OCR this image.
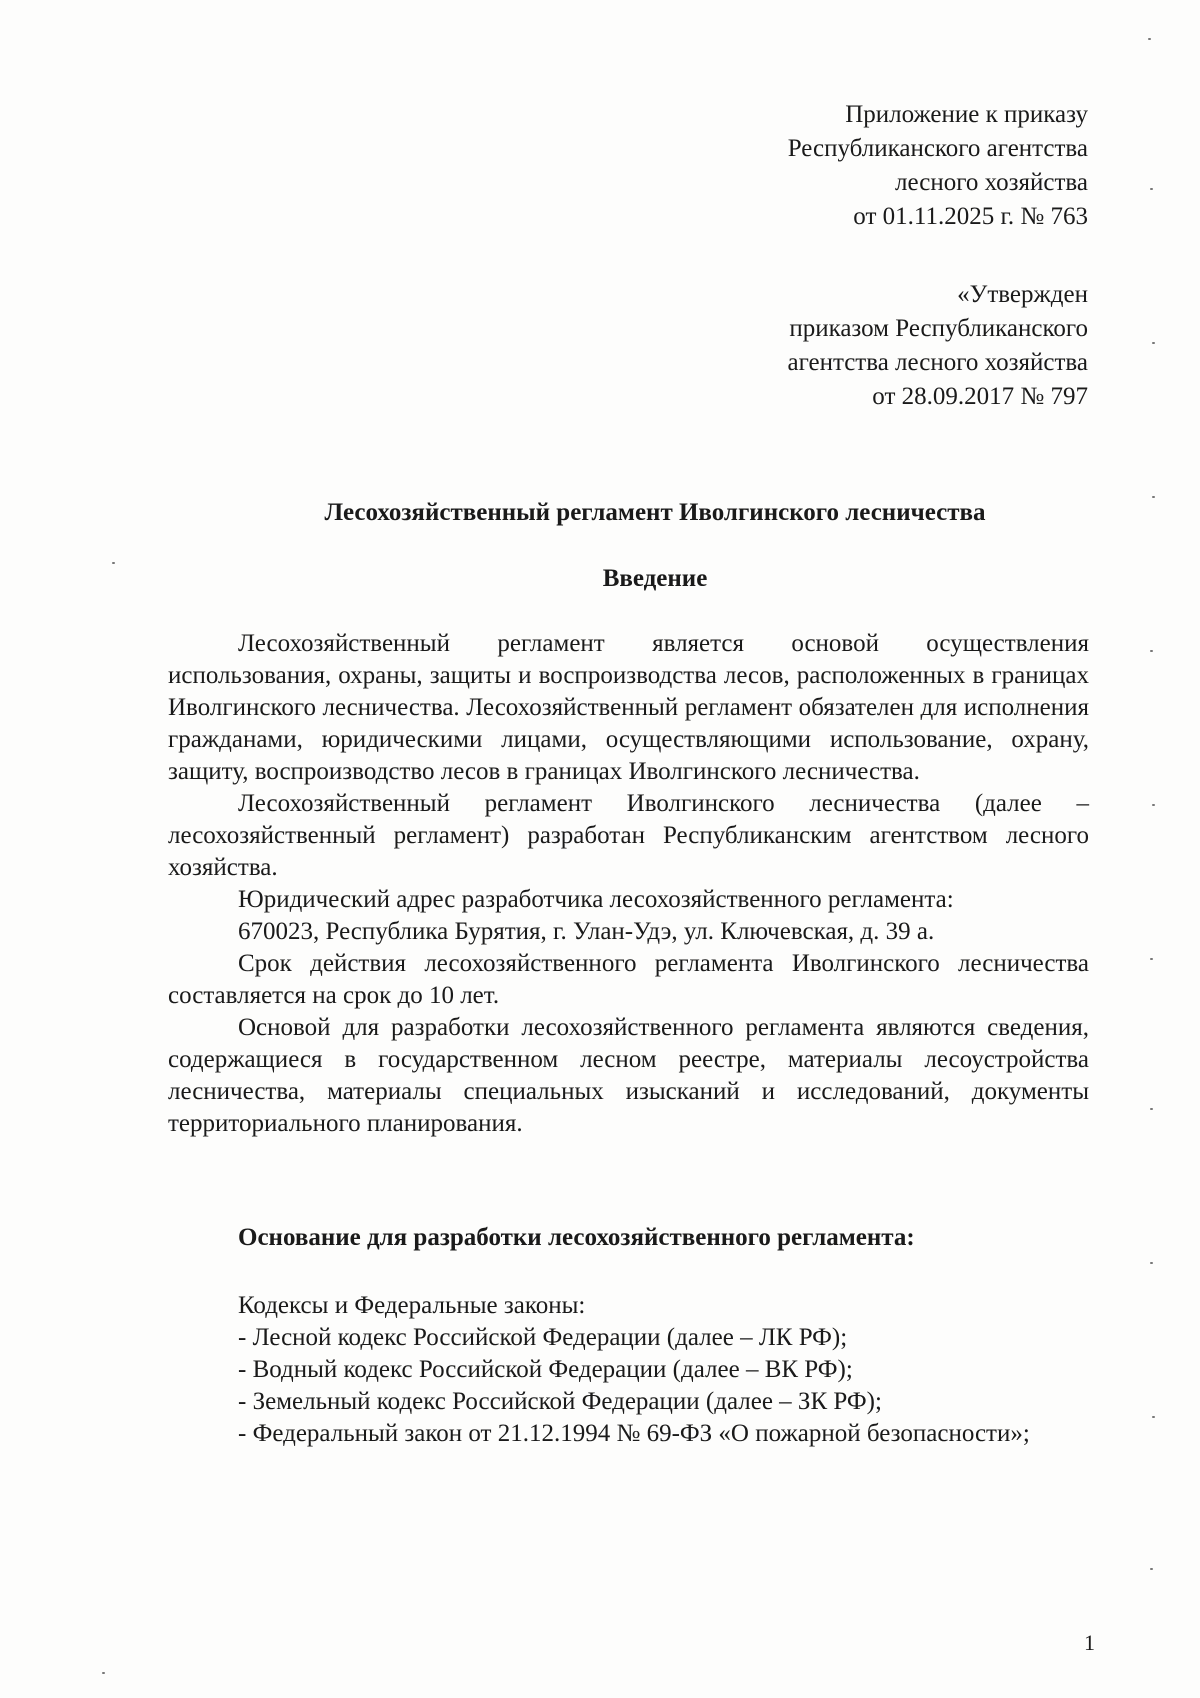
Приложение к приказу
Республиканского агентства
лесного хозяйства
от 01.11.2025 г. № 763
«Утвержден
приказом Республиканского
агентства лесного хозяйства
от 28.09.2017 № 797
Лесохозяйственный регламент Иволгинского лесничества
Введение

Лесохозяйственный регламент является основой осуществления использования, охраны, защиты и воспроизводства лесов, расположенных в границах Иволгинского лесничества. Лесохозяйственный регламент обязателен для исполнения гражданами, юридическими лицами, осуществляющими использование, охрану, защиту, воспроизводство лесов в границах Иволгинского лесничества.

Лесохозяйственный регламент Иволгинского лесничества (далее – лесохозяйственный регламент) разработан Республиканским агентством лесного хозяйства.

Юридический адрес разработчика лесохозяйственного регламента:

670023, Республика Бурятия, г. Улан-Удэ, ул. Ключевская, д. 39 а.

Срок действия лесохозяйственного регламента Иволгинского лесничества составляется на срок до 10 лет.

Основой для разработки лесохозяйственного регламента являются сведения, содержащиеся в государственном лесном реестре, материалы лесоустройства лесничества, материалы специальных изысканий и исследований, документы территориального планирования.

Основание для разработки лесохозяйственного регламента:

Кодексы и Федеральные законы:

- Лесной кодекс Российской Федерации (далее – ЛК РФ);

- Водный кодекс Российской Федерации (далее – ВК РФ);

- Земельный кодекс Российской Федерации (далее – ЗК РФ);

- Федеральный закон от 21.12.1994 № 69-ФЗ «О пожарной безопасности»;

1
